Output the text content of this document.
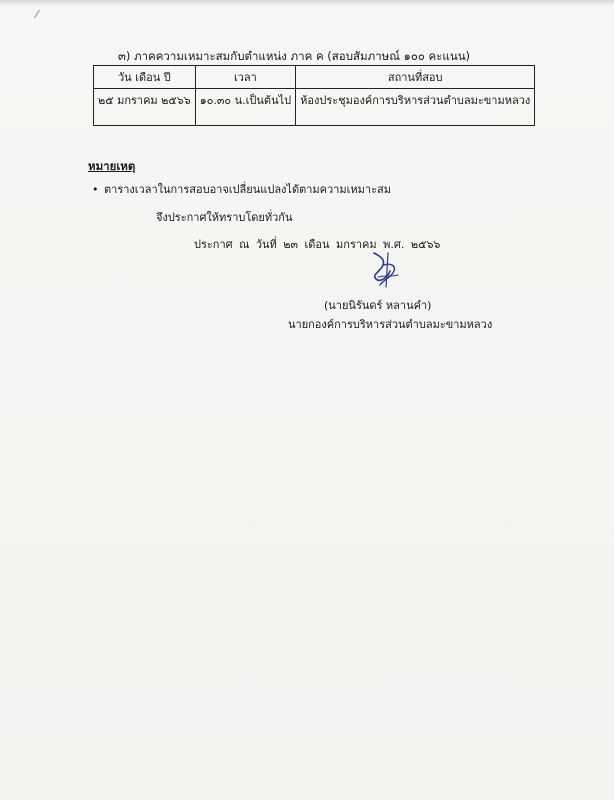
⁄
๓) ภาคความเหมาะสมกับตำแหน่ง ภาค ค (สอบสัมภาษณ์ ๑๐๐ คะแนน)
วัน เดือน ปี	เวลา	สถานที่สอบ
๒๕ มกราคม ๒๕๖๖	๑๐.๓๐ น.เป็นต้นไป	ห้องประชุมองค์การบริหารส่วนตำบลมะขามหลวง
หมายเหตุ
• ตารางเวลาในการสอบอาจเปลี่ยนแปลงได้ตามความเหมาะสม
จึงประกาศให้ทราบโดยทั่วกัน
ประกาศ ณ วันที่ ๒๓ เดือน มกราคม พ.ศ. ๒๕๖๖
(นายนิรันดร์ หลานคำ)
นายกองค์การบริหารส่วนตำบลมะขามหลวง
